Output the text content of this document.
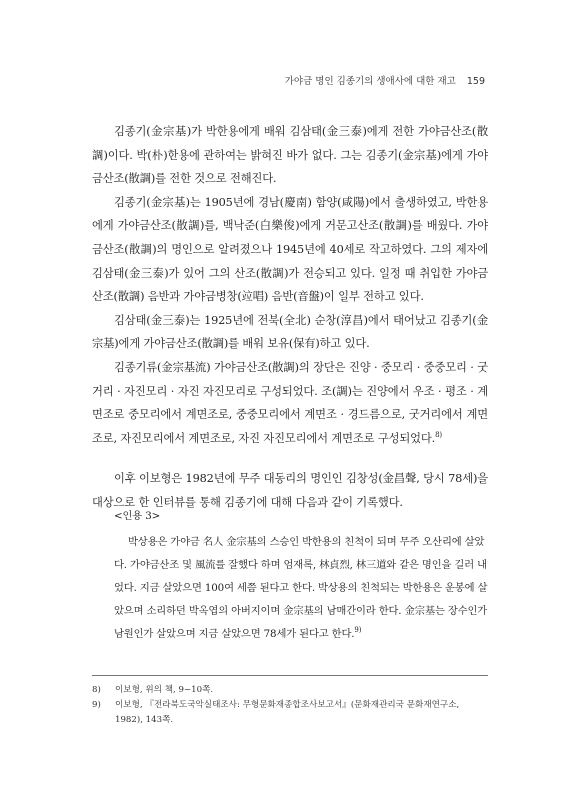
가야금 명인 김종기의 생애사에 대한 재고 159

김종기(金宗基)가 박한용에게 배워 김삼태(金三泰)에게 전한 가야금산조(散調)이다. 박(朴)한용에 관하여는 밝혀진 바가 없다. 그는 김종기(金宗基)에게 가야금산조(散調)를 전한 것으로 전해진다.

김종기(金宗基)는 1905년에 경남(慶南) 함양(咸陽)에서 출생하였고, 박한용에게 가야금산조(散調)를, 백낙준(白樂俊)에게 거문고산조(散調)를 배웠다. 가야금산조(散調)의 명인으로 알려졌으나 1945년에 40세로 작고하였다. 그의 제자에 김삼태(金三泰)가 있어 그의 산조(散調)가 전승되고 있다. 일정 때 취입한 가야금산조(散調) 음반과 가야금병창(竝唱) 음반(音盤)이 일부 전하고 있다.

김삼태(金三泰)는 1925년에 전북(全北) 순창(淳昌)에서 태어났고 김종기(金宗基)에게 가야금산조(散調)를 배워 보유(保有)하고 있다.

김종기류(金宗基流) 가야금산조(散調)의 장단은 진양 · 중모리 · 중중모리 · 굿거리 · 자진모리 · 자진 자진모리로 구성되었다. 조(調)는 진양에서 우조 · 평조 · 계면조로 중모리에서 계면조로, 중중모리에서 계면조 · 경드름으로, 굿거리에서 계면조로, 자진모리에서 계면조로, 자진 자진모리에서 계면조로 구성되었다.$^{8)}$

이후 이보형은 1982년에 무주 대동리의 명인인 김창성(金昌聲, 당시 78세)을 대상으로 한 인터뷰를 통해 김종기에 대해 다음과 같이 기록했다.

<인용 3>

박상용은 가야금 名人 金宗基의 스승인 박한용의 친척이 되며 무주 오산리에 살았다. 가야금산조 및 風流를 잘했다 하며 엄재록, 林貞烈, 林三道와 같은 명인을 길러 내었다. 지금 살았으면 100여 세쯤 된다고 한다. 박상용의 친척되는 박한용은 운봉에 살았으며 소리하던 박옥엽의 아버지이며 金宗基의 남매간이라 한다. 金宗基는 장수인가 남원인가 살았으며 지금 살았으면 78세가 된다고 한다.$^{9)}$

8)	이보형, 위의 책, 9~10쪽.
9)	이보형, 『전라북도국악실태조사: 무형문화재종합조사보고서』(문화재관리국 문화재연구소, 1982), 143쪽.
